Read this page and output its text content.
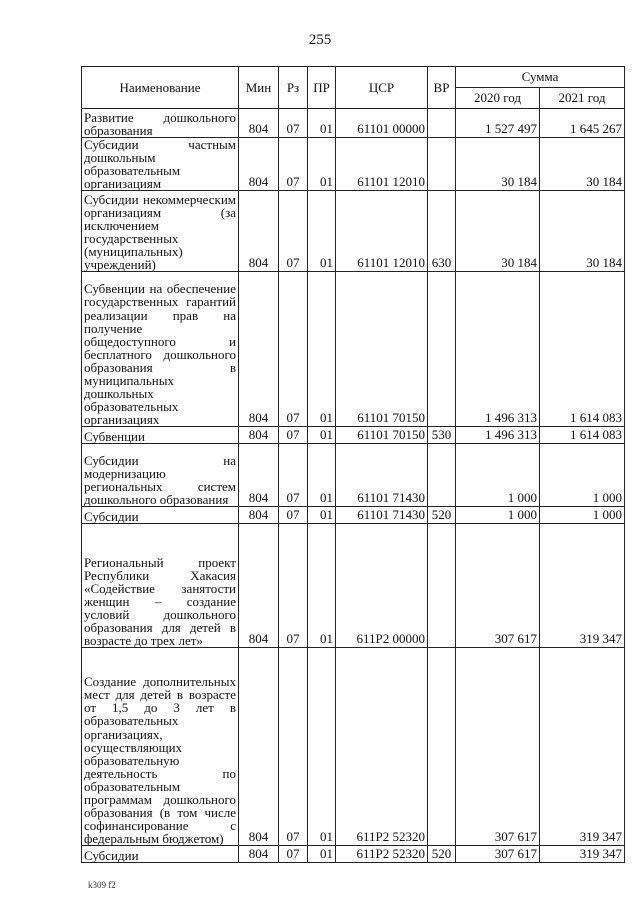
255
Наименование	Мин	Рз	ПР	ЦСР	ВР	Сумма	
						2020 год	2021 год
Развитие дошкольного образования	804	07	01	61101 00000		1 527 497	1 645 267
Субсидии частным дошкольным образовательным организациям	804	07	01	61101 12010		30 184	30 184
Субсидии некоммерческим организациям (за исключением государственных (муниципальных) учреждений)	804	07	01	61101 12010	630	30 184	30 184
Субвенции на обеспечение государственных гарантий реализации прав на получение общедоступного и бесплатного дошкольного образования в муниципальных дошкольных образовательных организациях	804	07	01	61101 70150		1 496 313	1 614 083
Субвенции	804	07	01	61101 70150	530	1 496 313	1 614 083
Субсидии на модернизацию региональных систем дошкольного образования	804	07	01	61101 71430		1 000	1 000
Субсидии	804	07	01	61101 71430	520	1 000	1 000
Региональный проект Республики Хакасия «Содействие занятости женщин – создание условий дошкольного образования для детей в возрасте до трех лет»	804	07	01	611Р2 00000		307 617	319 347
Создание дополнительных мест для детей в возрасте от 1,5 до 3 лет в образовательных организациях, осуществляющих образовательную деятельность по образовательным программам дошкольного образования (в том числе софинансирование с федеральным бюджетом)	804	07	01	611Р2 52320		307 617	319 347
Субсидии	804	07	01	611Р2 52320	520	307 617	319 347
k309 f2
